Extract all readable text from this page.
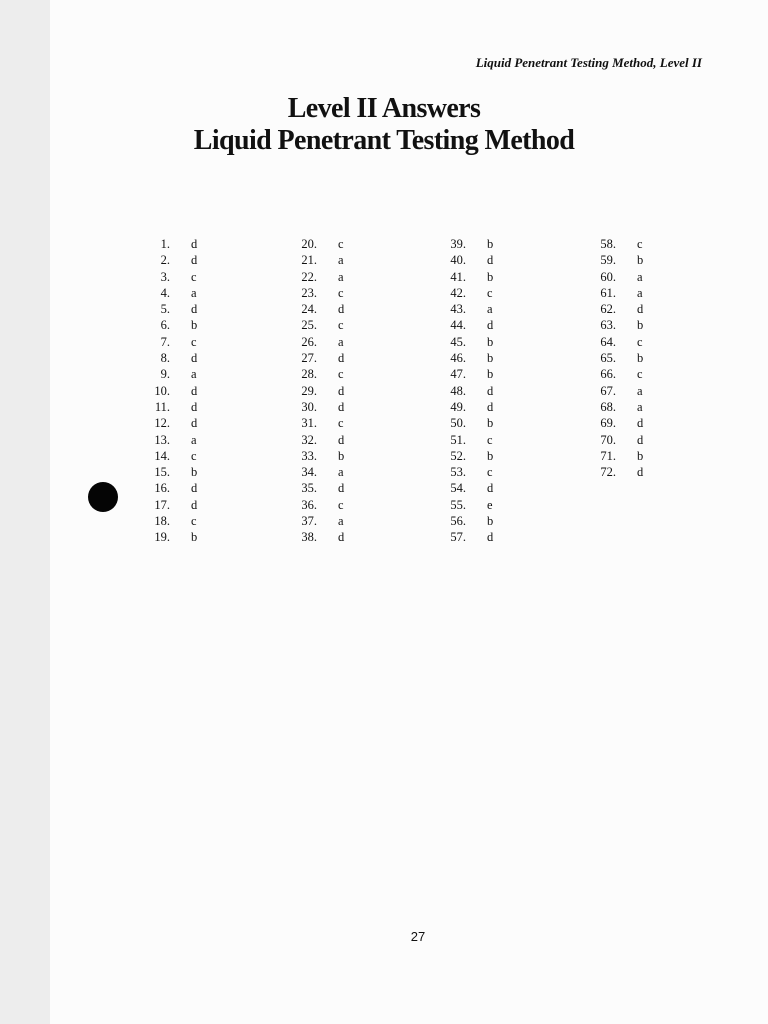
Liquid Penetrant Testing Method, Level II
Level II Answers
Liquid Penetrant Testing Method
1. d
2. d
3. c
4. a
5. d
6. b
7. c
8. d
9. a
10. d
11. d
12. d
13. a
14. c
15. b
16. d
17. d
18. c
19. b
20. c
21. a
22. a
23. c
24. d
25. c
26. a
27. d
28. c
29. d
30. d
31. c
32. d
33. b
34. a
35. d
36. c
37. a
38. d
39. b
40. d
41. b
42. c
43. a
44. d
45. b
46. b
47. b
48. d
49. d
50. b
51. c
52. b
53. c
54. d
55. e
56. b
57. d
58. c
59. b
60. a
61. a
62. d
63. b
64. c
65. b
66. c
67. a
68. a
69. d
70. d
71. b
72. d
27
